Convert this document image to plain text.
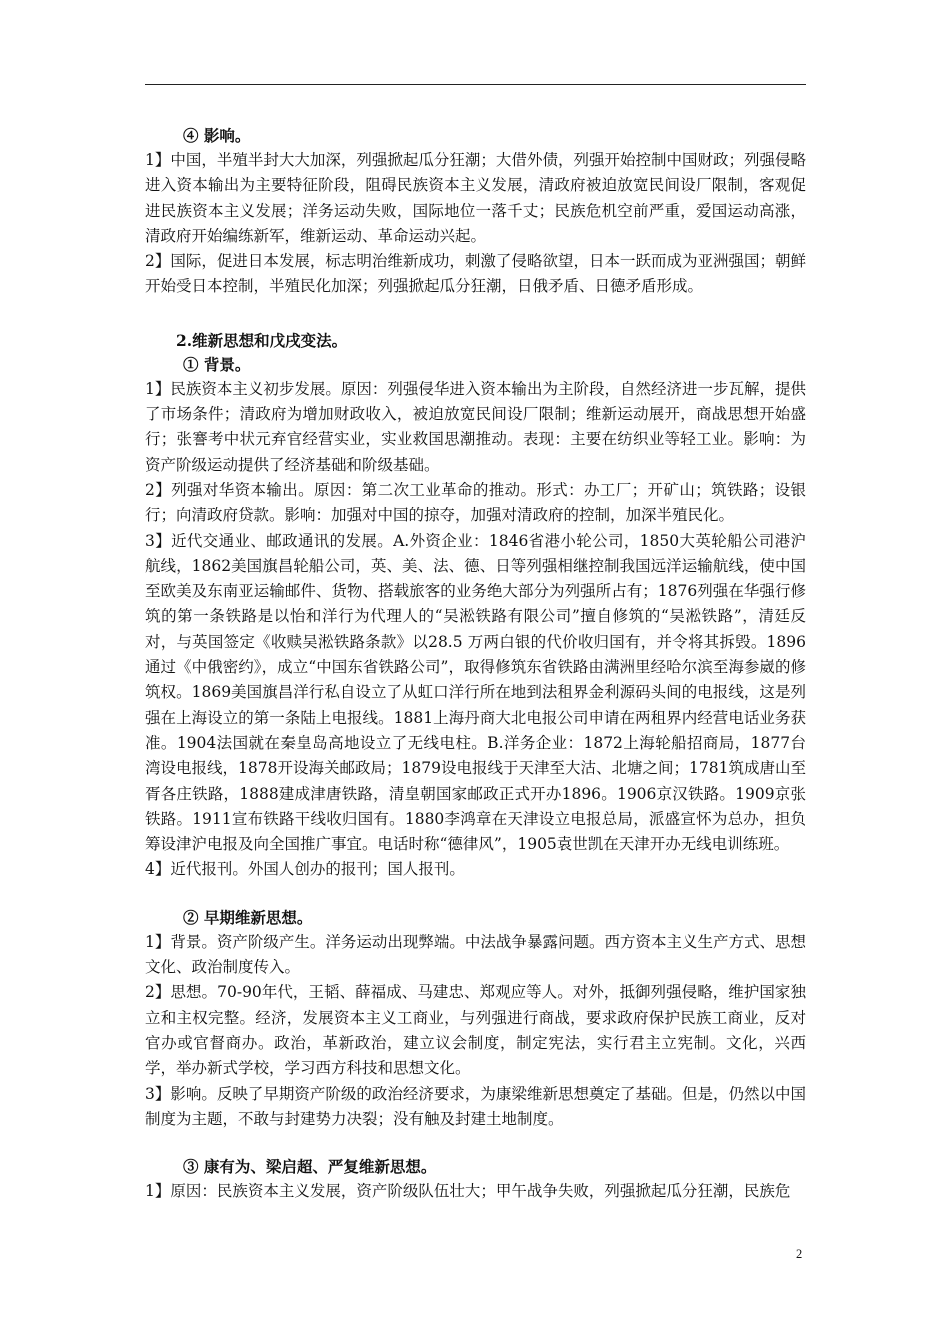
④ 影响。

1】中国，半殖半封大大加深，列强掀起瓜分狂潮；大借外债，列强开始控制中国财政；列强侵略进入资本输出为主要特征阶段，阻碍民族资本主义发展，清政府被迫放宽民间设厂限制，客观促进民族资本主义发展；洋务运动失败，国际地位一落千丈；民族危机空前严重，爱国运动高涨，清政府开始编练新军，维新运动、革命运动兴起。

2】国际，促进日本发展，标志明治维新成功，刺激了侵略欲望，日本一跃而成为亚洲强国；朝鲜开始受日本控制，半殖民化加深；列强掀起瓜分狂潮，日俄矛盾、日德矛盾形成。

2.维新思想和戊戌变法。

① 背景。

1】民族资本主义初步发展。原因：列强侵华进入资本输出为主阶段，自然经济进一步瓦解，提供了市场条件；清政府为增加财政收入，被迫放宽民间设厂限制；维新运动展开，商战思想开始盛行；张謇考中状元弃官经营实业，实业救国思潮推动。表现：主要在纺织业等轻工业。影响：为资产阶级运动提供了经济基础和阶级基础。

2】列强对华资本输出。原因：第二次工业革命的推动。形式：办工厂；开矿山；筑铁路；设银行；向清政府贷款。影响：加强对中国的掠夺，加强对清政府的控制，加深半殖民化。

3】近代交通业、邮政通讯的发展。A.外资企业：1846省港小轮公司，1850大英轮船公司港沪航线，1862美国旗昌轮船公司，英、美、法、德、日等列强相继控制我国远洋运输航线，使中国至欧美及东南亚运输邮件、货物、搭载旅客的业务绝大部分为列强所占有；1876列强在华强行修筑的第一条铁路是以怡和洋行为代理人的“吴淞铁路有限公司”擅自修筑的“吴淞铁路”，清廷反对，与英国签定《收赎吴淞铁路条款》以28.5 万两白银的代价收归国有，并令将其拆毁。1896通过《中俄密约》，成立“中国东省铁路公司”，取得修筑东省铁路由满洲里经哈尔滨至海参崴的修筑权。1869美国旗昌洋行私自设立了从虹口洋行所在地到法租界金利源码头间的电报线，这是列强在上海设立的第一条陆上电报线。1881上海丹商大北电报公司申请在两租界内经营电话业务获准。1904法国就在秦皇岛高地设立了无线电柱。B.洋务企业：1872上海轮船招商局，1877台湾设电报线，1878开设海关邮政局；1879设电报线于天津至大沽、北塘之间；1781筑成唐山至胥各庄铁路，1888建成津唐铁路，清皇朝国家邮政正式开办1896。1906京汉铁路。1909京张铁路。1911宣布铁路干线收归国有。1880李鸿章在天津设立电报总局，派盛宣怀为总办，担负筹设津沪电报及向全国推广事宜。电话时称“德律风”，1905袁世凯在天津开办无线电训练班。

4】近代报刊。外国人创办的报刊；国人报刊。

② 早期维新思想。

1】背景。资产阶级产生。洋务运动出现弊端。中法战争暴露问题。西方资本主义生产方式、思想文化、政治制度传入。

2】思想。70-90年代，王韬、薛福成、马建忠、郑观应等人。对外，抵御列强侵略，维护国家独立和主权完整。经济，发展资本主义工商业，与列强进行商战，要求政府保护民族工商业，反对官办或官督商办。政治，革新政治，建立议会制度，制定宪法，实行君主立宪制。文化，兴西学，举办新式学校，学习西方科技和思想文化。

3】影响。反映了早期资产阶级的政治经济要求，为康梁维新思想奠定了基础。但是，仍然以中国制度为主题，不敢与封建势力决裂；没有触及封建土地制度。

③ 康有为、梁启超、严复维新思想。

1】原因：民族资本主义发展，资产阶级队伍壮大；甲午战争失败，列强掀起瓜分狂潮，民族危

2
